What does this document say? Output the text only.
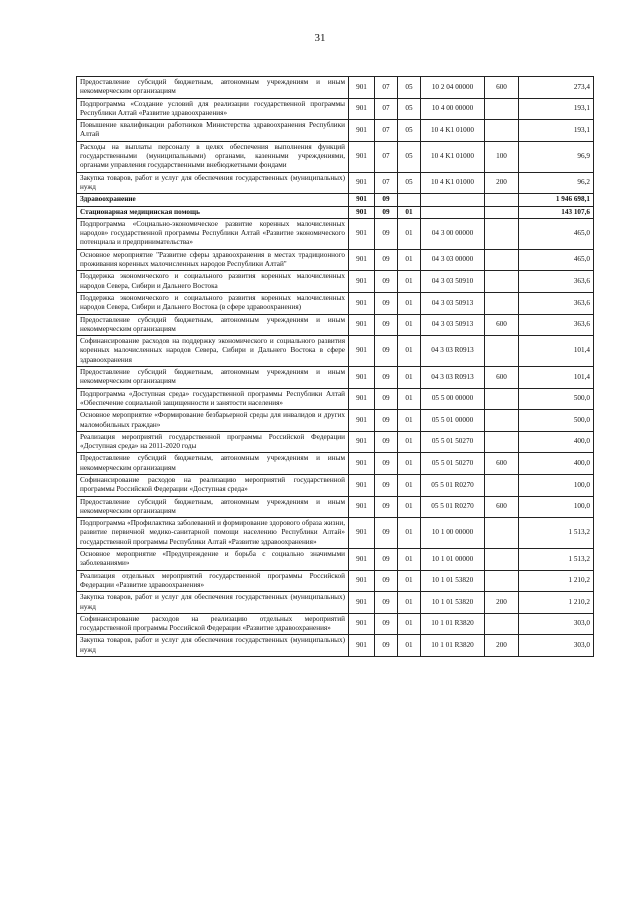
31
Предоставление субсидий бюджетным, автономным учреждениям и иным некоммерческим организациям	901	07	05	10 2 04 00000	600	273,4
Подпрограмма «Создание условий для реализации государственной программы Республики Алтай «Развитие здравоохранения»	901	07	05	10 4 00 00000		193,1
Повышение квалификации работников Министерства здравоохранения Республики Алтай	901	07	05	10 4 K1 01000		193,1
Расходы на выплаты персоналу в целях обеспечения выполнения функций государственными (муниципальными) органами, казенными учреждениями, органами управления государственными внебюджетными фондами	901	07	05	10 4 K1 01000	100	96,9
Закупка товаров, работ и услуг для обеспечения государственных (муниципальных) нужд	901	07	05	10 4 K1 01000	200	96,2
Здравоохранение	901	09				1 946 698,1
Стационарная медицинская помощь	901	09	01			143 107,6
Подпрограмма «Социально-экономическое развитие коренных малочисленных народов» государственной программы Республики Алтай «Развитие экономического потенциала и предпринимательства»	901	09	01	04 3 00 00000		465,0
Основное мероприятие "Развитие сферы здравоохранения в местах традиционного проживания коренных малочисленных народов Республики Алтай"	901	09	01	04 3 03 00000		465,0
Поддержка экономического и социального развития коренных малочисленных народов Севера, Сибири и Дальнего Востока	901	09	01	04 3 03 50910		363,6
Поддержка экономического и социального развития коренных малочисленных народов Севера, Сибири и Дальнего Востока (в сфере здравоохранения)	901	09	01	04 3 03 50913		363,6
Предоставление субсидий бюджетным, автономным учреждениям и иным некоммерческим организациям	901	09	01	04 3 03 50913	600	363,6
Софинансирование расходов на поддержку экономического и социального развития коренных малочисленных народов Севера, Сибири и Дальнего Востока в сфере здравоохранения	901	09	01	04 3 03 R0913		101,4
Предоставление субсидий бюджетным, автономным учреждениям и иным некоммерческим организациям	901	09	01	04 3 03 R0913	600	101,4
Подпрограмма «Доступная среда» государственной программы Республики Алтай «Обеспечение социальной защищенности и занятости населения»	901	09	01	05 5 00 00000		500,0
Основное мероприятие «Формирование безбарьерной среды для инвалидов и других маломобильных граждан»	901	09	01	05 5 01 00000		500,0
Реализация мероприятий государственной программы Российской Федерации «Доступная среда» на 2011-2020 годы	901	09	01	05 5 01 50270		400,0
Предоставление субсидий бюджетным, автономным учреждениям и иным некоммерческим организациям	901	09	01	05 5 01 50270	600	400,0
Софинансирование расходов на реализацию мероприятий государственной программы Российской Федерации «Доступная среда»	901	09	01	05 5 01 R0270		100,0
Предоставление субсидий бюджетным, автономным учреждениям и иным некоммерческим организациям	901	09	01	05 5 01 R0270	600	100,0
Подпрограмма «Профилактика заболеваний и формирование здорового образа жизни, развитие первичной медико-санитарной помощи населению Республики Алтай» государственной программы Республики Алтай «Развитие здравоохранения»	901	09	01	10 1 00 00000		1 513,2
Основное мероприятие «Предупреждение и борьба с социально значимыми заболеваниями»	901	09	01	10 1 01 00000		1 513,2
Реализация отдельных мероприятий государственной программы Российской Федерации «Развитие здравоохранения»	901	09	01	10 1 01 53820		1 210,2
Закупка товаров, работ и услуг для обеспечения государственных (муниципальных) нужд	901	09	01	10 1 01 53820	200	1 210,2
Софинансирование расходов на реализацию отдельных мероприятий государственной программы Российской Федерации «Развитие здравоохранения»	901	09	01	10 1 01 R3820		303,0
Закупка товаров, работ и услуг для обеспечения государственных (муниципальных) нужд	901	09	01	10 1 01 R3820	200	303,0
